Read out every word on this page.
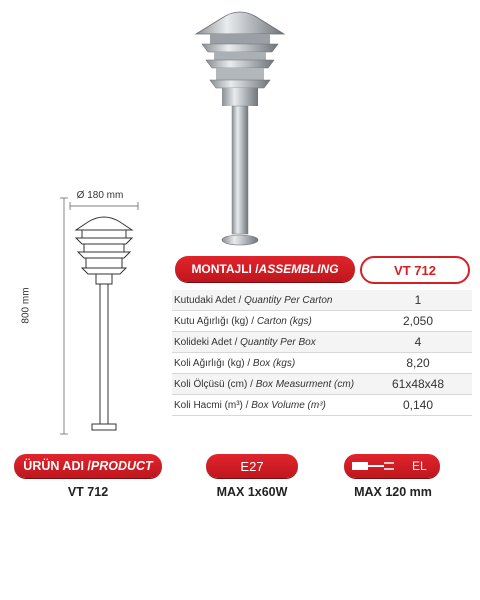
Ø 180 mm
800 mm
MONTAJLI / ASSEMBLING	VT 712
Kutudaki Adet / Quantity Per Carton	1
Kutu Ağırlığı (kg) / Carton (kgs)	2,050
Kolideki Adet / Quantity Per Box	4
Koli Ağırlığı (kg) / Box (kgs)	8,20
Koli Ölçüsü (cm) / Box Measurment (cm)	61x48x48
Koli Hacmi (m³) / Box Volume (m³)	0,140
ÜRÜN ADI / PRODUCT	E27	EL
VT 712	MAX 1x60W	MAX 120 mm
